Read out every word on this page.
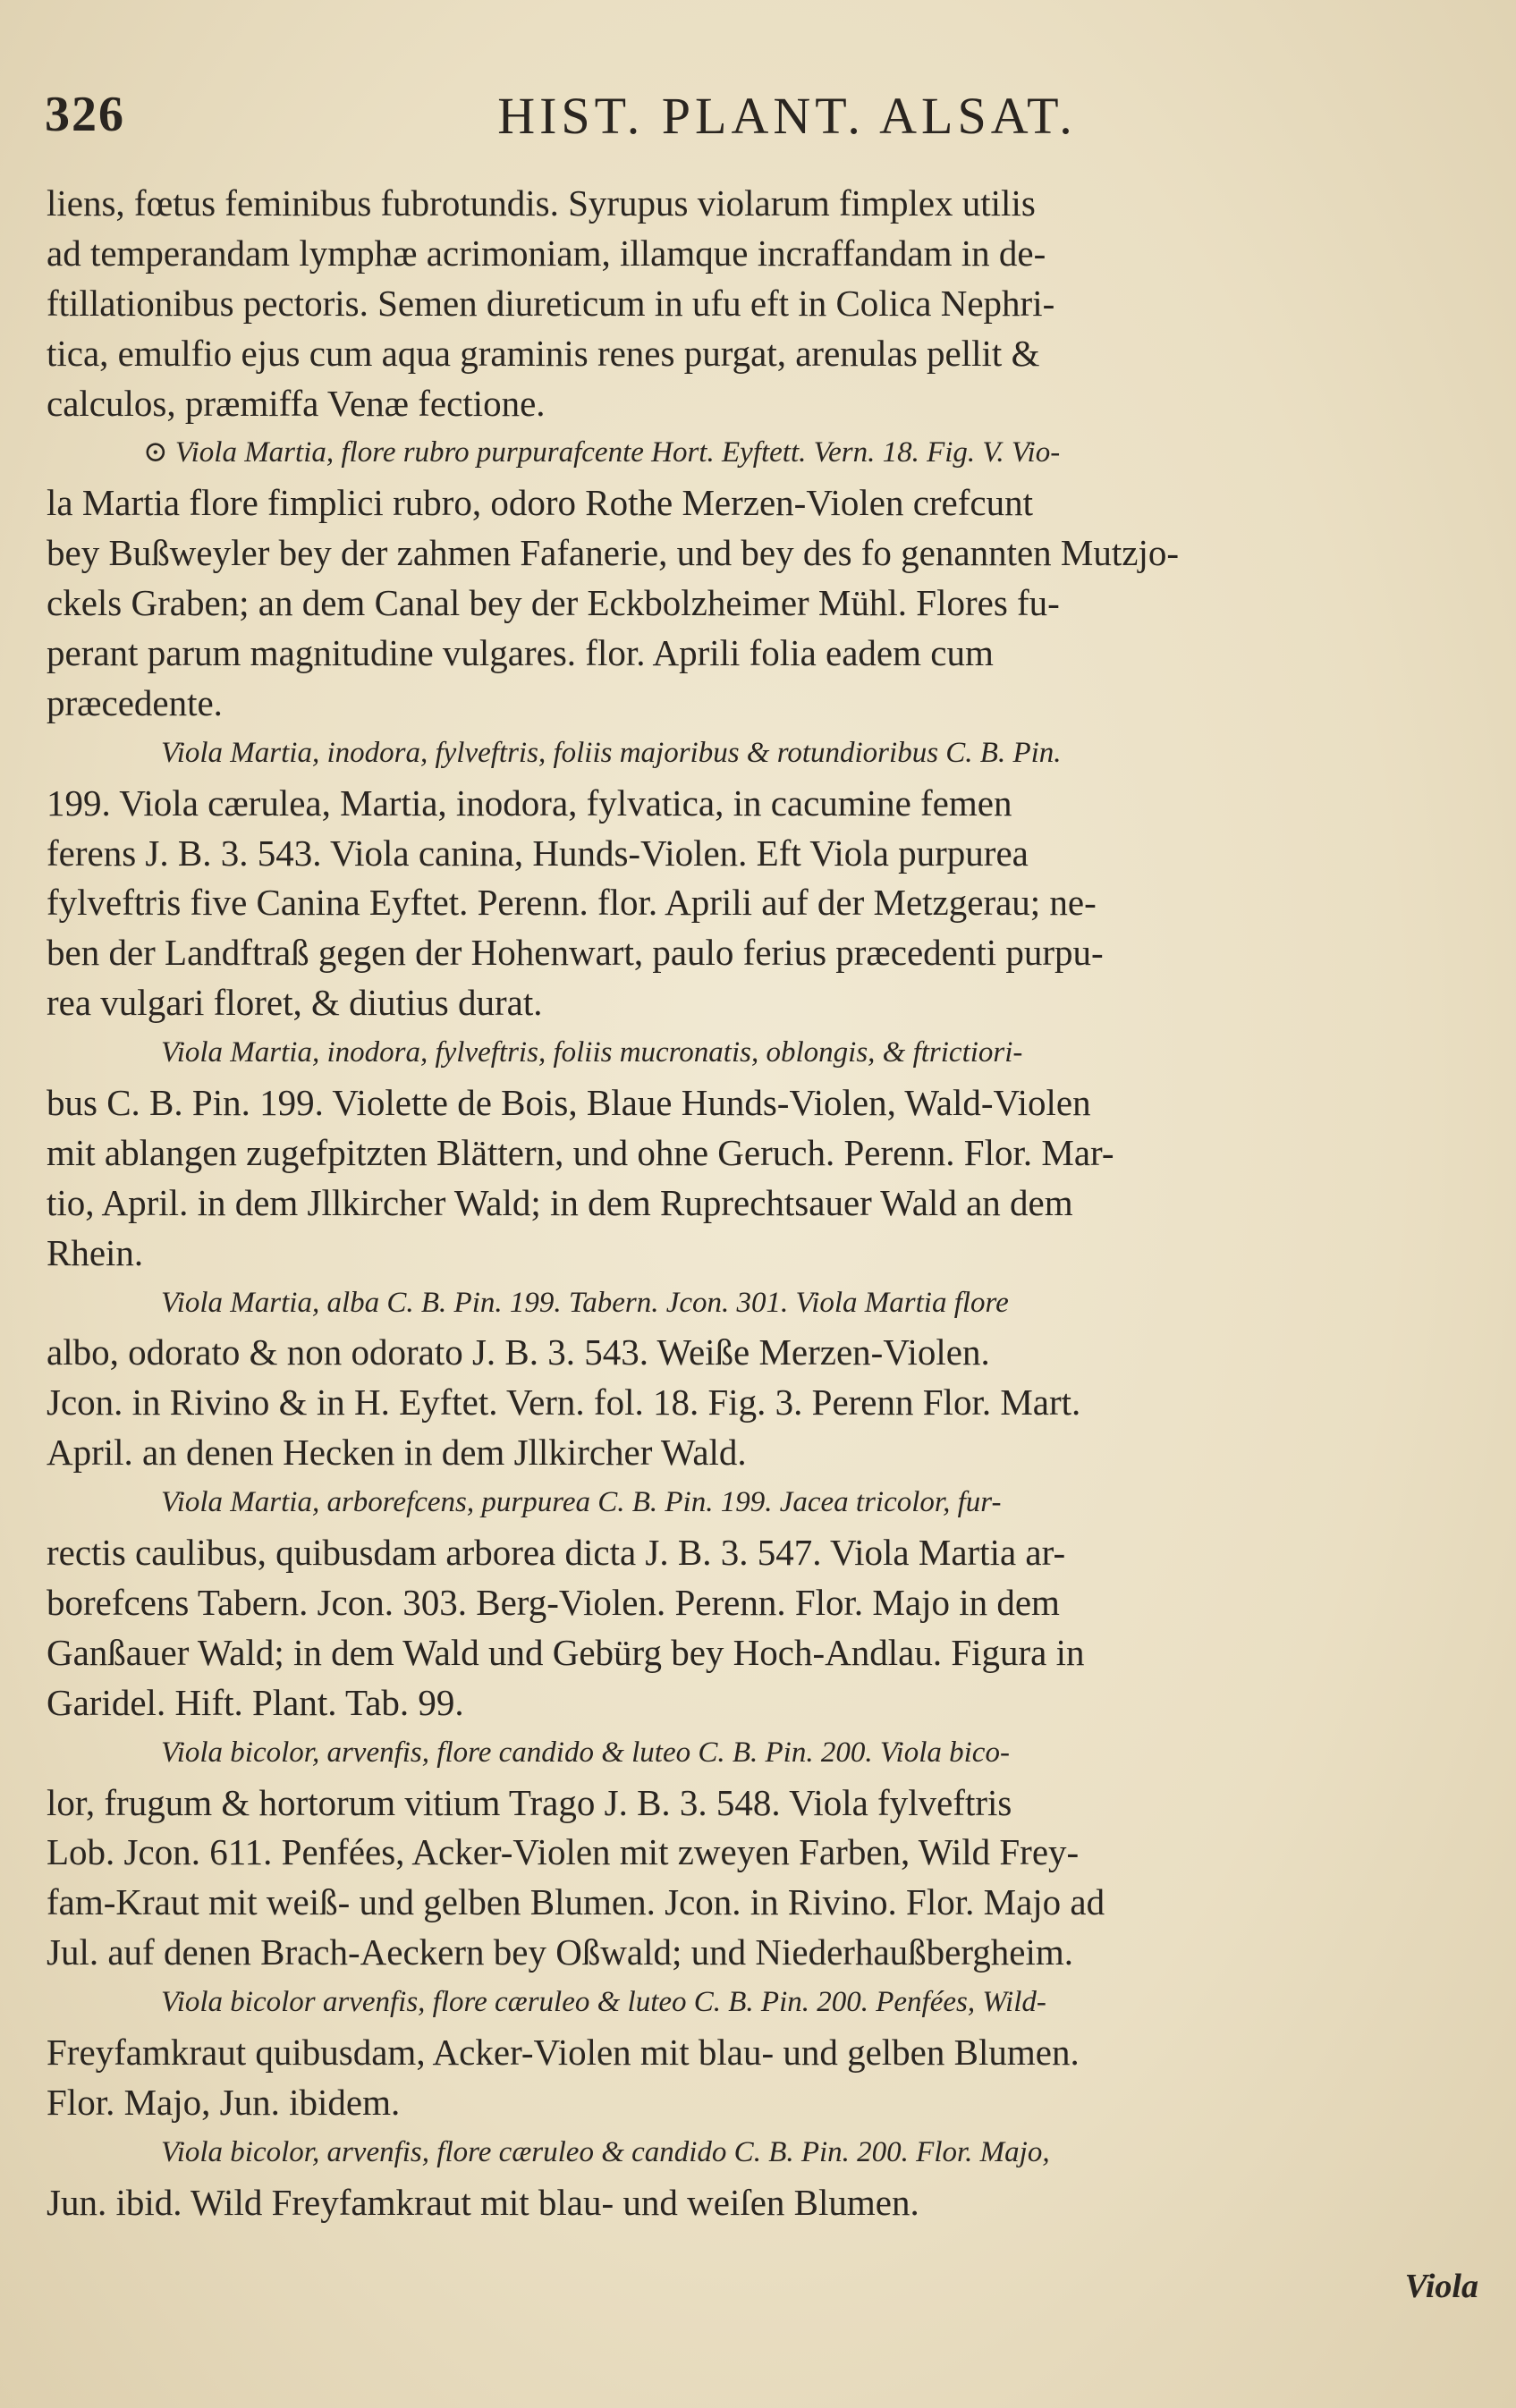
326	HIST. PLANT. ALSAT.
liens, fœtus feminibus fubrotundis. Syrupus violarum fimplex utilis
ad temperandam lymphæ acrimoniam, illamque incraffandam in de-
ftillationibus pectoris. Semen diureticum in ufu eft in Colica Nephri-
tica, emulfio ejus cum aqua graminis renes purgat, arenulas pellit &
calculos, præmiffa Venæ fectione.
⊙ Viola Martia, flore rubro purpurafcente Hort. Eyftett. Vern. 18. Fig. V. Vio-
la Martia flore fimplici rubro, odoro Rothe Merzen-Violen crefcunt
bey Bußweyler bey der zahmen Fafanerie, und bey des fo genannten Mutzjo-
ckels Graben; an dem Canal bey der Eckbolzheimer Mühl. Flores fu-
perant parum magnitudine vulgares. flor. Aprili folia eadem cum
præcedente.
Viola Martia, inodora, fylveftris, foliis majoribus & rotundioribus C. B. Pin.
199. Viola cærulea, Martia, inodora, fylvatica, in cacumine femen
ferens J. B. 3. 543. Viola canina, Hunds-Violen. Eft Viola purpurea
fylveftris five Canina Eyftet. Perenn. flor. Aprili auf der Metzgerau; ne-
ben der Landftraß gegen der Hohenwart, paulo ferius præcedenti purpu-
rea vulgari floret, & diutius durat.
Viola Martia, inodora, fylveftris, foliis mucronatis, oblongis, & ftrictiori-
bus C. B. Pin. 199. Violette de Bois, Blaue Hunds-Violen, Wald-Violen
mit ablangen zugefpitzten Blättern, und ohne Geruch. Perenn. Flor. Mar-
tio, April. in dem Jllkircher Wald; in dem Ruprechtsauer Wald an dem
Rhein.
Viola Martia, alba C. B. Pin. 199. Tabern. Jcon. 301. Viola Martia flore
albo, odorato & non odorato J. B. 3. 543. Weiße Merzen-Violen.
Jcon. in Rivino & in H. Eyftet. Vern. fol. 18. Fig. 3. Perenn Flor. Mart.
April. an denen Hecken in dem Jllkircher Wald.
Viola Martia, arborefcens, purpurea C. B. Pin. 199. Jacea tricolor, fur-
rectis caulibus, quibusdam arborea dicta J. B. 3. 547. Viola Martia ar-
borefcens Tabern. Jcon. 303. Berg-Violen. Perenn. Flor. Majo in dem
Ganßauer Wald; in dem Wald und Gebürg bey Hoch-Andlau. Figura in
Garidel. Hift. Plant. Tab. 99.
Viola bicolor, arvenfis, flore candido & luteo C. B. Pin. 200. Viola bico-
lor, frugum & hortorum vitium Trago J. B. 3. 548. Viola fylveftris
Lob. Jcon. 611. Penfées, Acker-Violen mit zweyen Farben, Wild Frey-
fam-Kraut mit weiß- und gelben Blumen. Jcon. in Rivino. Flor. Majo ad
Jul. auf denen Brach-Aeckern bey Oßwald; und Niederhaußbergheim.
Viola bicolor arvenfis, flore cæruleo & luteo C. B. Pin. 200. Penfées, Wild-
Freyfamkraut quibusdam, Acker-Violen mit blau- und gelben Blumen.
Flor. Majo, Jun. ibidem.
Viola bicolor, arvenfis, flore cæruleo & candido C. B. Pin. 200. Flor. Majo,
Jun. ibid. Wild Freyfamkraut mit blau- und weiſen Blumen.
Viola
